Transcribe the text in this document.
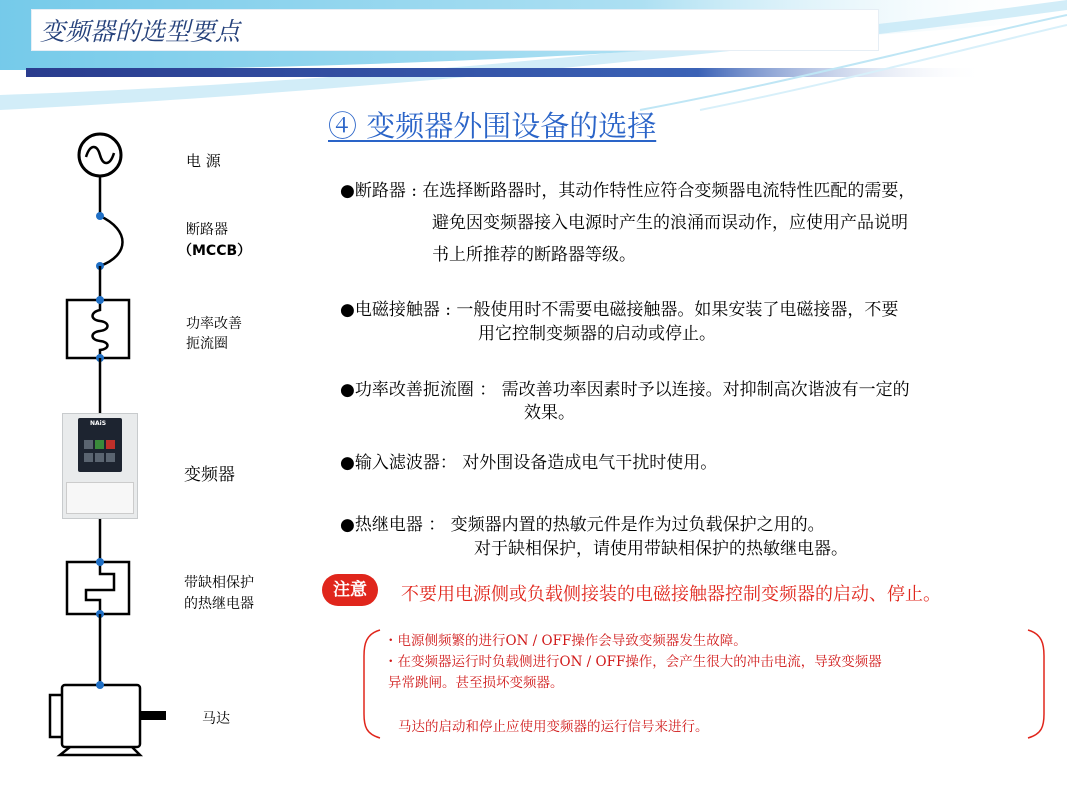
变频器的选型要点
④ 变频器外围设备的选择
NAiS
电 源
断路器
（MCCB）
功率改善
扼流圈
变频器
带缺相保护
的热继电器
马达
●断路器 : 在选择断路器时，其动作特性应符合变频器电流特性匹配的需要，
避免因变频器接入电源时产生的浪涌而误动作，应使用产品说明
书上所推荐的断路器等级。
●电磁接触器 : 一般使用时不需要电磁接触器。如果安装了电磁接器，不要
用它控制变频器的启动或停止。
●功率改善扼流圈 ： 需改善功率因素时予以连接。对抑制高次谐波有一定的
效果。
●输入滤波器： 对外围设备造成电气干扰时使用。
●热继电器 ： 变频器内置的热敏元件是作为过负载保护之用的。
对于缺相保护，请使用带缺相保护的热敏继电器。
注意	不要用电源侧或负载侧接装的电磁接触器控制变频器的启动、停止。
・电源侧频繁的进行ON / OFF操作会导致变频器发生故障。
・在变频器运行时负载侧进行ON / OFF操作，会产生很大的冲击电流，导致变频器
异常跳闸。甚至损坏变频器。
马达的启动和停止应使用变频器的运行信号来进行。
